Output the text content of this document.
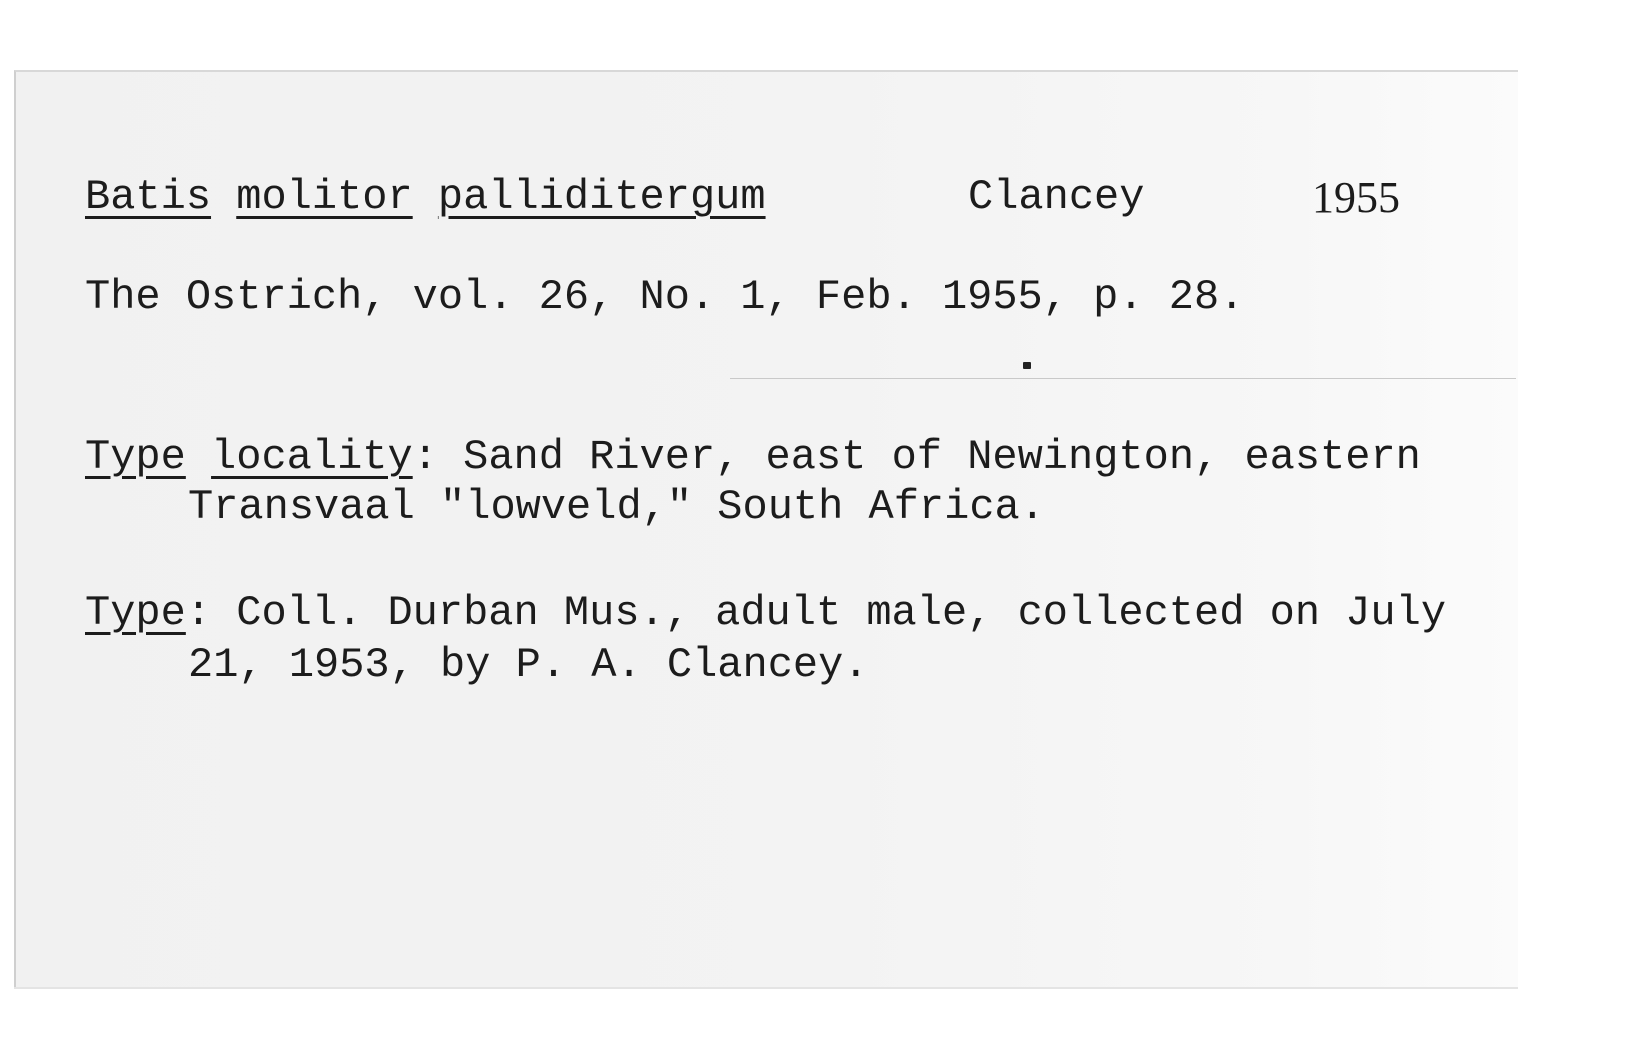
Batis molitor palliditergum	Clancey	1955
The Ostrich, vol. 26, No. 1, Feb. 1955, p. 28.
Type locality: Sand River, east of Newington, eastern
Transvaal "lowveld," South Africa.
Type: Coll. Durban Mus., adult male, collected on July
21, 1953, by P. A. Clancey.
